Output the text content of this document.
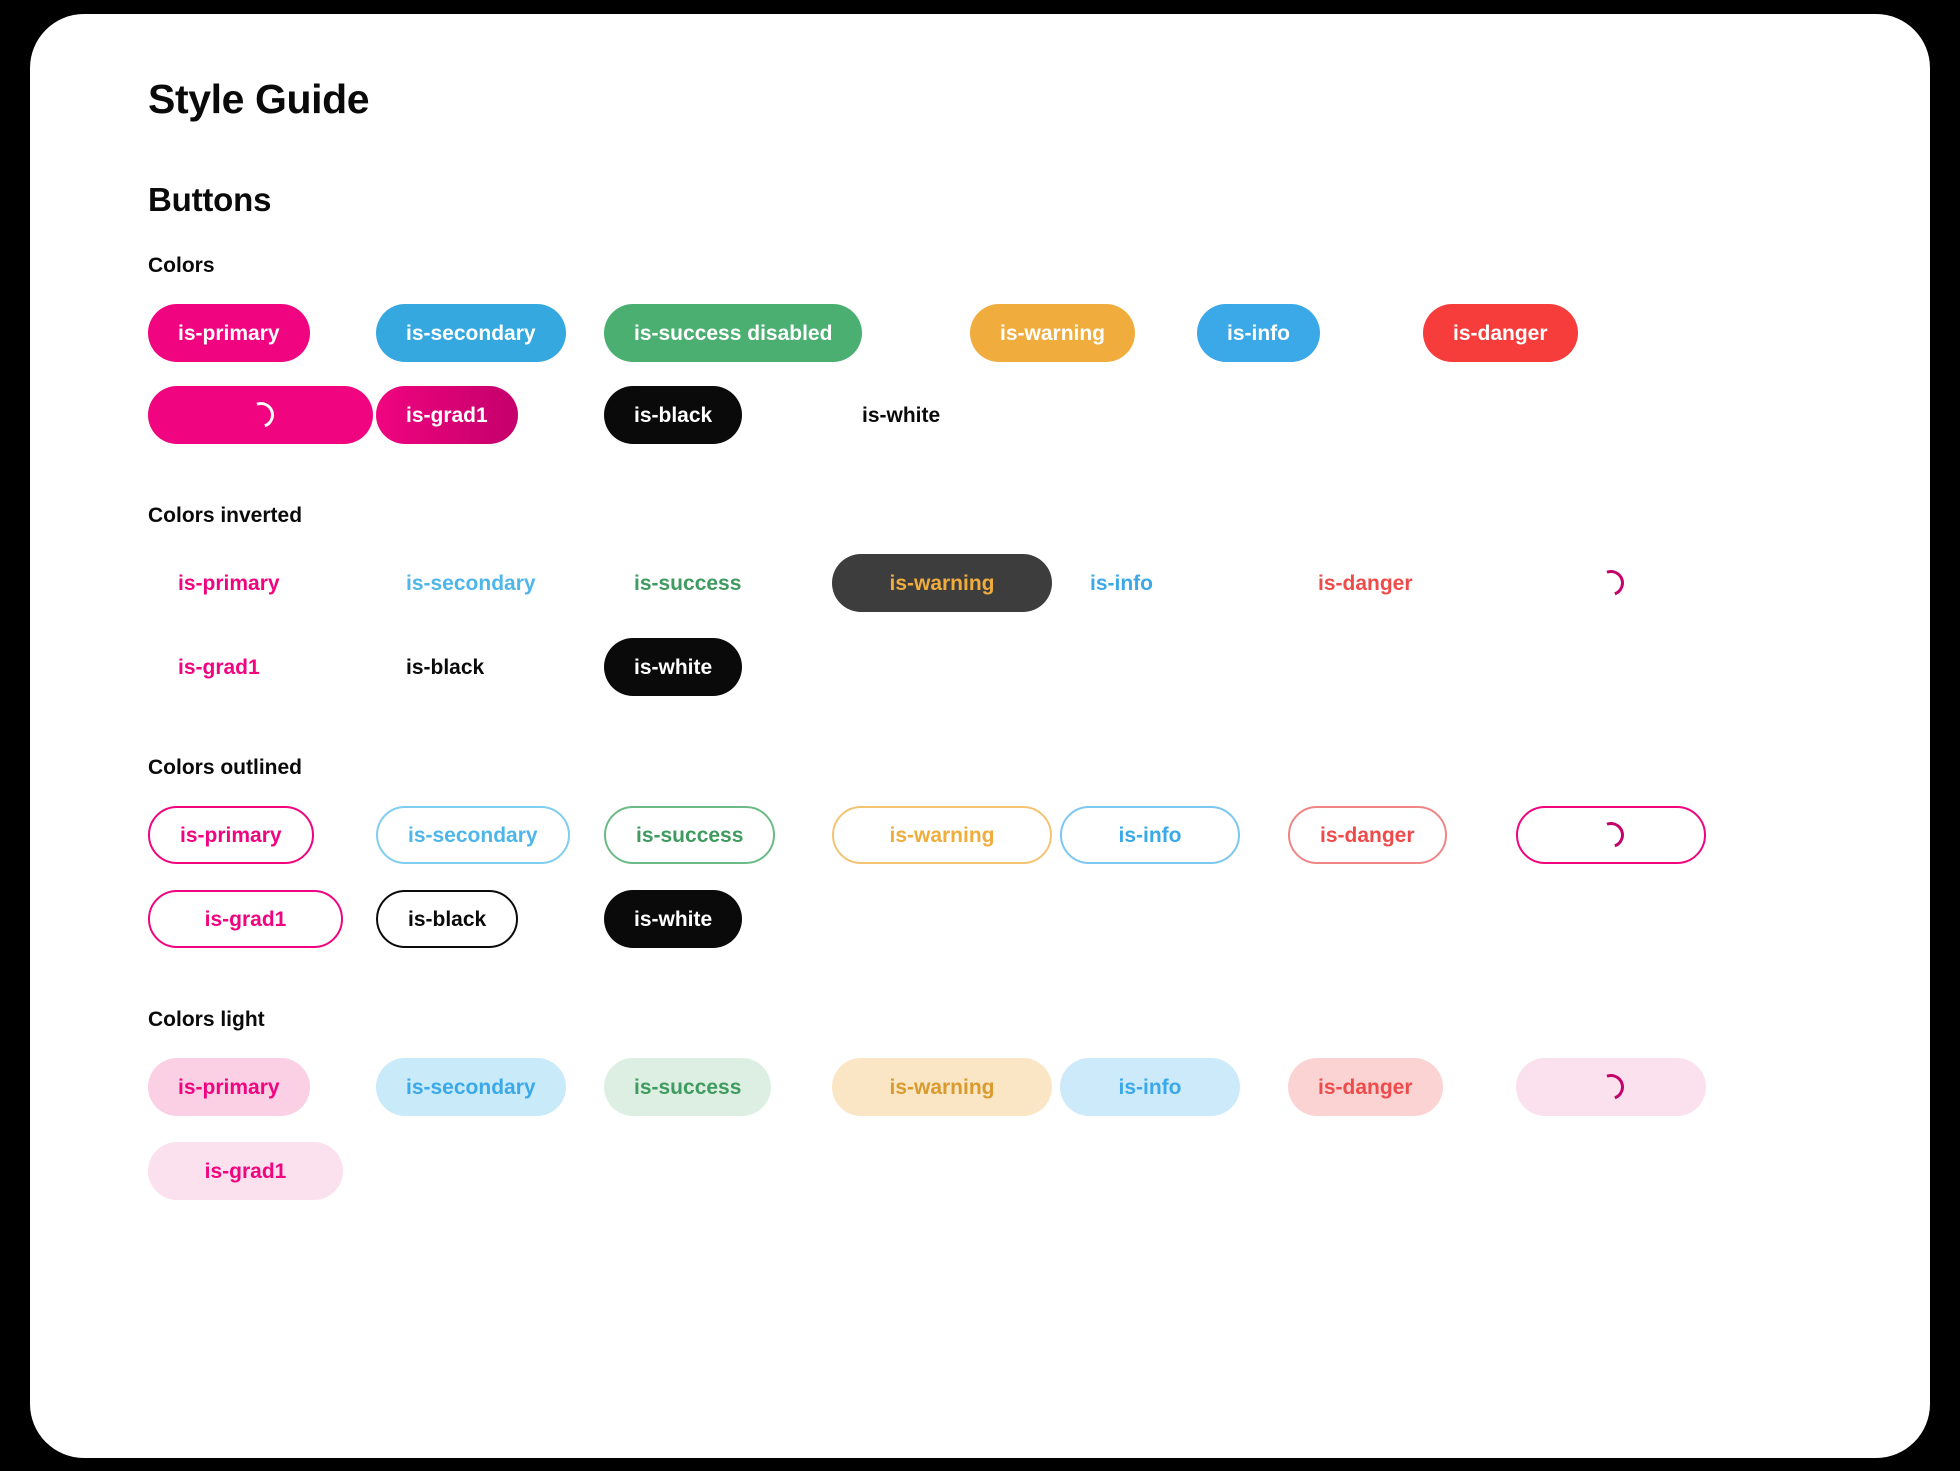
Style Guide
Buttons
Colors
is-primary	is-secondary	is-success disabled	is-warning	is-info	is-danger
is-grad1	is-black	is-white
Colors inverted
is-primary	is-secondary	is-success	is-warning	is-info	is-danger
is-grad1	is-black	is-white
Colors outlined
is-primary	is-secondary	is-success	is-warning	is-info	is-danger
is-grad1	is-black	is-white
Colors light
is-primary	is-secondary	is-success	is-warning	is-info	is-danger
is-grad1
